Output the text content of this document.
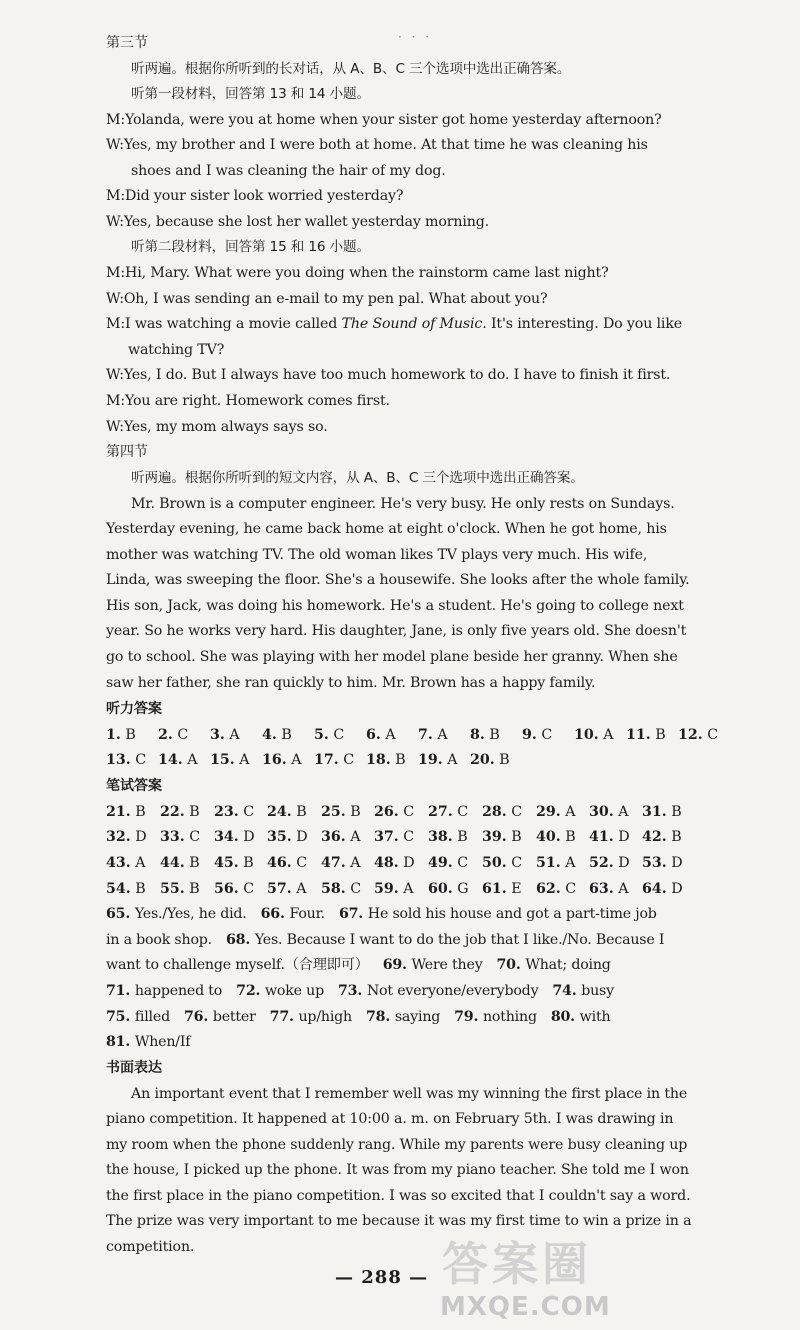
· · ·
第三节
听两遍。根据你所听到的长对话，从 A、B、C 三个选项中选出正确答案。
听第一段材料，回答第 13 和 14 小题。
M:Yolanda, were you at home when your sister got home yesterday afternoon?
W:Yes, my brother and I were both at home. At that time he was cleaning his
shoes and I was cleaning the hair of my dog.
M:Did your sister look worried yesterday?
W:Yes, because she lost her wallet yesterday morning.
听第二段材料，回答第 15 和 16 小题。
M:Hi, Mary. What were you doing when the rainstorm came last night?
W:Oh, I was sending an e-mail to my pen pal. What about you?
M:I was watching a movie called The Sound of Music. It's interesting. Do you like
watching TV?
W:Yes, I do. But I always have too much homework to do. I have to finish it first.
M:You are right. Homework comes first.
W:Yes, my mom always says so.
第四节
听两遍。根据你所听到的短文内容，从 A、B、C 三个选项中选出正确答案。
Mr. Brown is a computer engineer. He's very busy. He only rests on Sundays.
Yesterday evening, he came back home at eight o'clock. When he got home, his
mother was watching TV. The old woman likes TV plays very much. His wife,
Linda, was sweeping the floor. She's a housewife. She looks after the whole family.
His son, Jack, was doing his homework. He's a student. He's going to college next
year. So he works very hard. His daughter, Jane, is only five years old. She doesn't
go to school. She was playing with her model plane beside her granny. When she
saw her father, she ran quickly to him. Mr. Brown has a happy family.
听力答案
1. B 2. C 3. A 4. B 5. C 6. A 7. A 8. B 9. C 10. A 11. B 12. C
13. C 14. A 15. A 16. A 17. C 18. B 19. A 20. B
笔试答案
21. B 22. B 23. C 24. B 25. B 26. C 27. C 28. C 29. A 30. A 31. B
32. D 33. C 34. D 35. D 36. A 37. C 38. B 39. B 40. B 41. D 42. B
43. A 44. B 45. B 46. C 47. A 48. D 49. C 50. C 51. A 52. D 53. D
54. B 55. B 56. C 57. A 58. C 59. A 60. G 61. E 62. C 63. A 64. D
65. Yes./Yes, he did.  66. Four.  67. He sold his house and got a part-time job
in a book shop.  68. Yes. Because I want to do the job that I like./No. Because I
want to challenge myself.（合理即可）  69. Were they  70. What; doing
71. happened to  72. woke up  73. Not everyone/everybody  74. busy
75. filled  76. better  77. up/high  78. saying  79. nothing  80. with
81. When/If
书面表达
An important event that I remember well was my winning the first place in the
piano competition. It happened at 10:00 a. m. on February 5th. I was drawing in
my room when the phone suddenly rang. While my parents were busy cleaning up
the house, I picked up the phone. It was from my piano teacher. She told me I won
the first place in the piano competition. I was so excited that I couldn't say a word.
The prize was very important to me because it was my first time to win a prize in a
competition.
— 288 — 答案圈
MXQE.COM
